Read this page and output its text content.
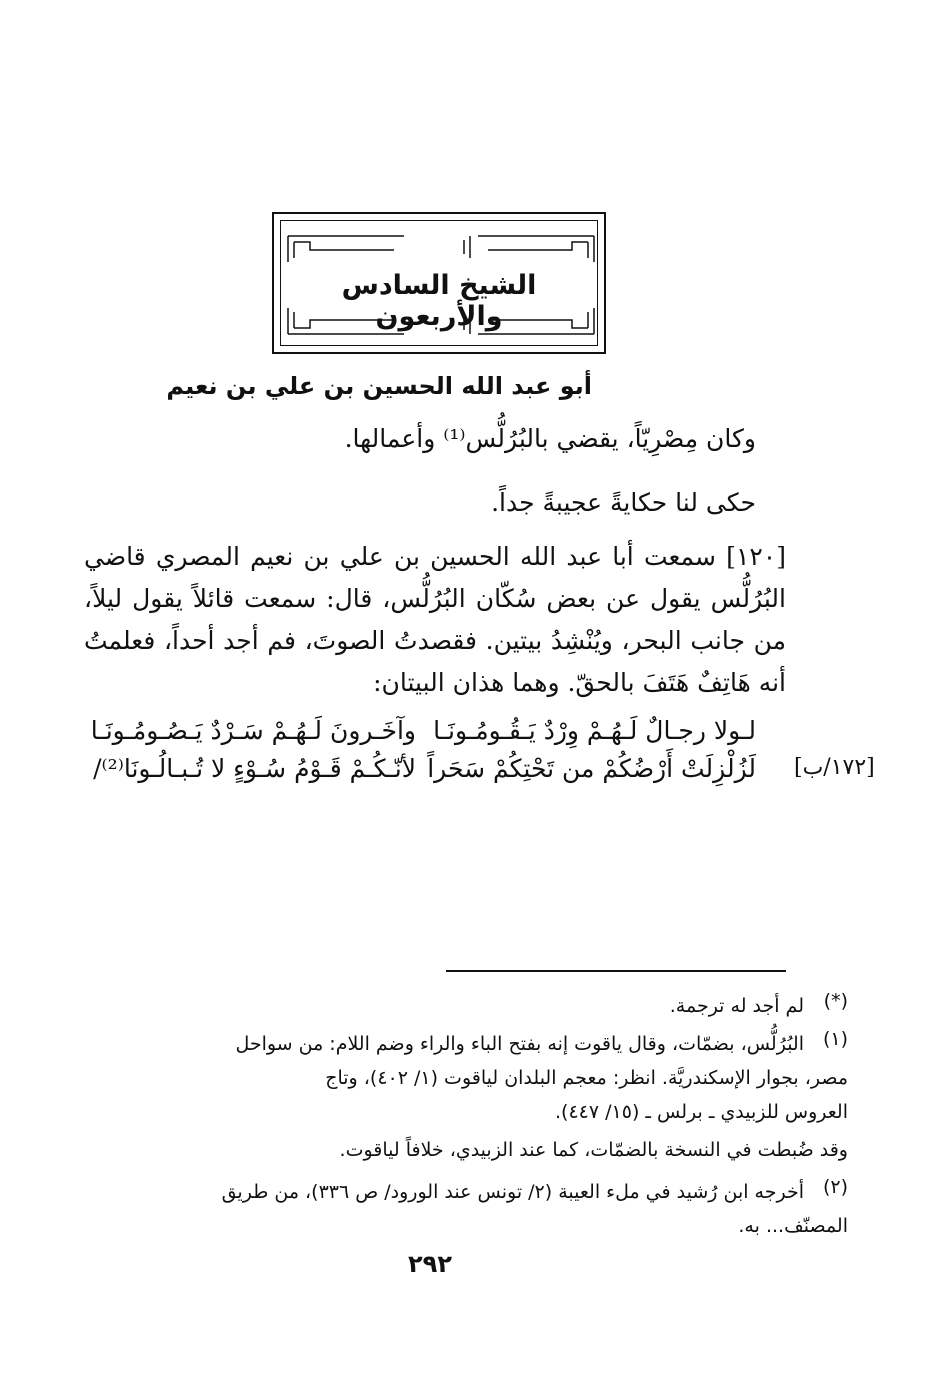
الشيخ السادس والأربعون
أبو عبد الله الحسين بن علي بن نعيم
وكان مِصْرِيّاً، يقضي بالبُرُلُّس⁽¹⁾ وأعمالها.
حكى لنا حكايةً عجيبةً جداً.
[١٢٠] سمعت أبا عبد الله الحسين بن علي بن نعيم المصري قاضي البُرُلُّس يقول عن بعض سُكّان البُرُلُّس، قال: سمعت قائلاً يقول ليلاً، من جانب البحر، ويُنْشِدُ بيتين. فقصدتُ الصوتَ، فم أجد أحداً، فعلمتُ أنه هَاتِفٌ هَتَفَ بالحقّ. وهما هذان البيتان:
لـولا رجـالٌ لَـهُـمْ وِرْدٌ يَـقُـومُـونَـا
وآخَـرونَ لَـهُـمْ سَـرْدٌ يَـصُـومُـونَـا
لَزُلْزِلَتْ أَرْضُكُمْ من تَحْتِكُمْ سَحَراً
لأنّـكُـمْ قَـوْمُ سُـوْءٍ لا تُـبـالُـونَا⁽²⁾/	[١٧٢/ب]
(*)
لم أجد له ترجمة.
(١)
البُرُلُّس، بضمّات، وقال ياقوت إنه بفتح الباء والراء وضم اللام: من سواحل
مصر، بجوار الإسكندريَّة. انظر: معجم البلدان لياقوت (١/ ٤٠٢)، وتاج
العروس للزبيدي ـ برلس ـ (١٥/ ٤٤٧).
وقد ضُبطت في النسخة بالضمّات، كما عند الزبيدي، خلافاً لياقوت.
(٢)
أخرجه ابن رُشيد في ملء العيبة (٢/ تونس عند الورود/ ص ٣٣٦)، من طريق
المصنّف... به.
٢٩٢
